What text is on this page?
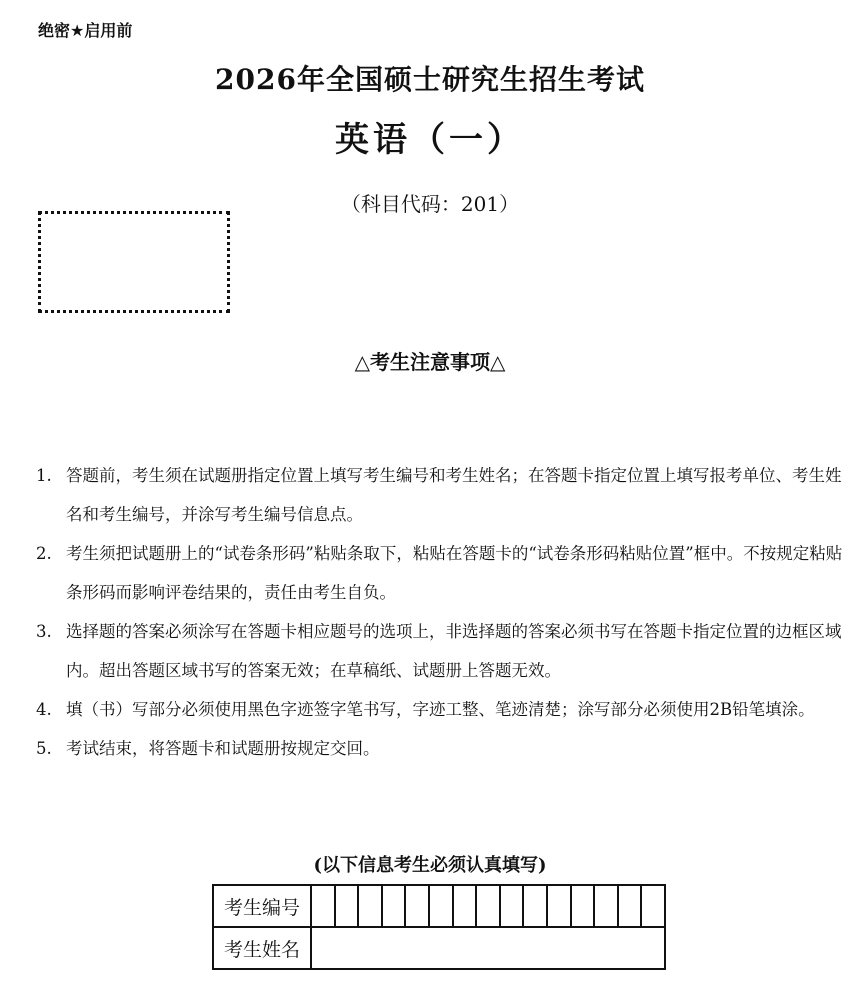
绝密★启用前
2026年全国硕士研究生招生考试
英语（一）
（科目代码：201）
△考生注意事项△
1. 答题前，考生须在试题册指定位置上填写考生编号和考生姓名；在答题卡指定位置上填写报考单位、考生姓名和考生编号，并涂写考生编号信息点。
2. 考生须把试题册上的“试卷条形码”粘贴条取下，粘贴在答题卡的“试卷条形码粘贴位置”框中。不按规定粘贴条形码而影响评卷结果的，责任由考生自负。
3. 选择题的答案必须涂写在答题卡相应题号的选项上，非选择题的答案必须书写在答题卡指定位置的边框区域内。超出答题区域书写的答案无效；在草稿纸、试题册上答题无效。
4. 填（书）写部分必须使用黑色字迹签字笔书写，字迹工整、笔迹清楚；涂写部分必须使用2B铅笔填涂。
5. 考试结束，将答题卡和试题册按规定交回。
(以下信息考生必须认真填写)
考生编号															
考生姓名															
